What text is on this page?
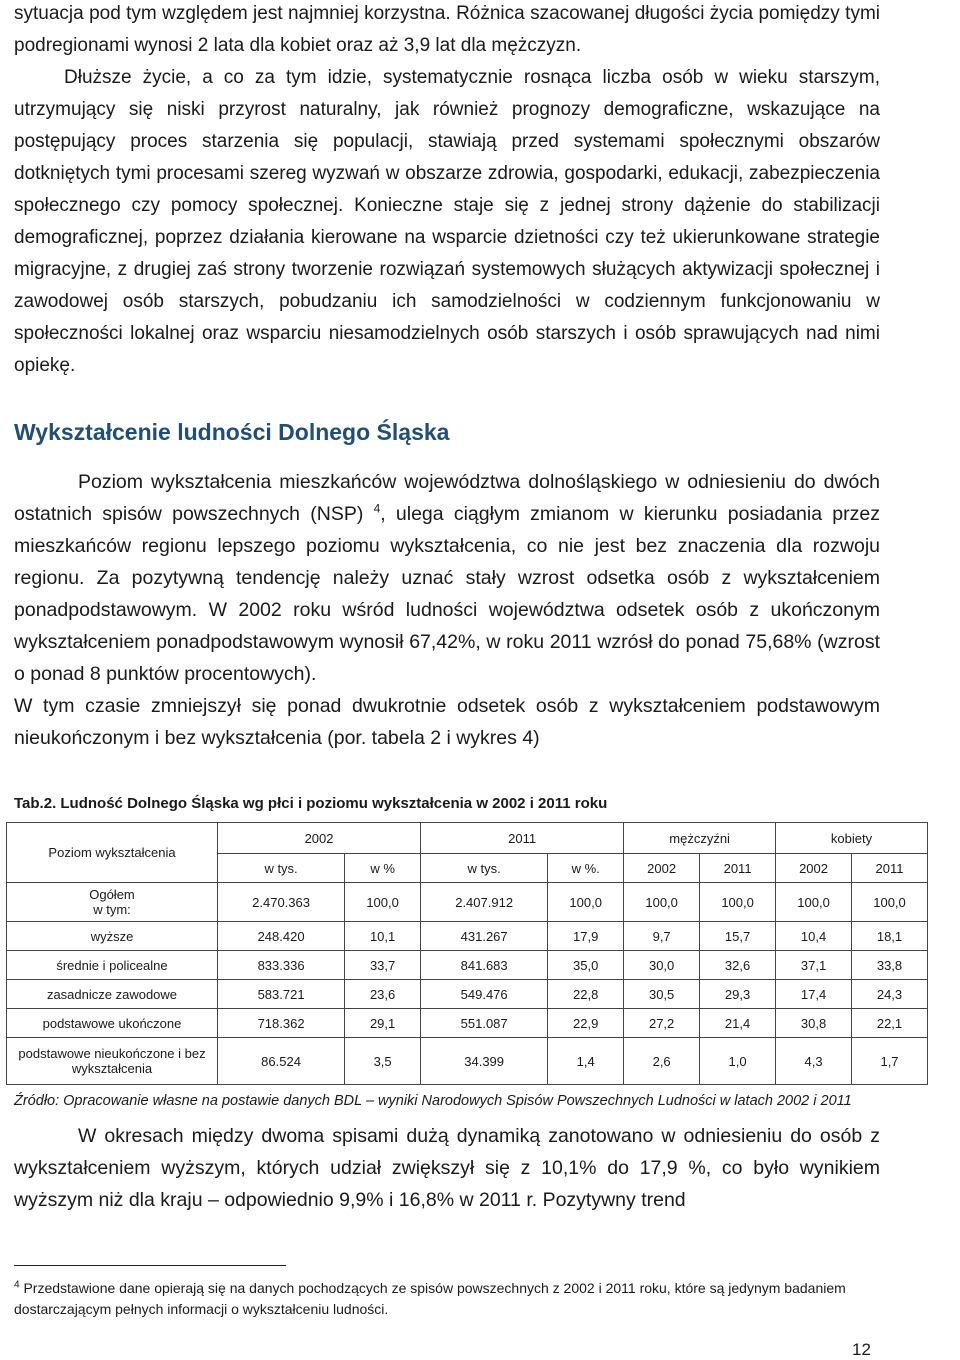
sytuacja pod tym względem jest najmniej korzystna. Różnica szacowanej długości życia pomiędzy tymi podregionami wynosi 2 lata dla kobiet oraz aż 3,9 lat dla mężczyzn.

Dłuższe życie, a co za tym idzie, systematycznie rosnąca liczba osób w wieku starszym, utrzymujący się niski przyrost naturalny, jak również prognozy demograficzne, wskazujące na postępujący proces starzenia się populacji, stawiają przed systemami społecznymi obszarów dotkniętych tymi procesami szereg wyzwań w obszarze zdrowia, gospodarki, edukacji, zabezpieczenia społecznego czy pomocy społecznej. Konieczne staje się z jednej strony dążenie do stabilizacji demograficznej, poprzez działania kierowane na wsparcie dzietności czy też ukierunkowane strategie migracyjne, z drugiej zaś strony tworzenie rozwiązań systemowych służących aktywizacji społecznej i zawodowej osób starszych, pobudzaniu ich samodzielności w codziennym funkcjonowaniu w społeczności lokalnej oraz wsparciu niesamodzielnych osób starszych i osób sprawujących nad nimi opiekę.

Wykształcenie ludności Dolnego Śląska

Poziom wykształcenia mieszkańców województwa dolnośląskiego w odniesieniu do dwóch ostatnich spisów powszechnych (NSP) $^4$, ulega ciągłym zmianom w kierunku posiadania przez mieszkańców regionu lepszego poziomu wykształcenia, co nie jest bez znaczenia dla rozwoju regionu. Za pozytywną tendencję należy uznać stały wzrost odsetka osób z wykształceniem ponadpodstawowym. W 2002 roku wśród ludności województwa odsetek osób z ukończonym wykształceniem ponadpodstawowym wynosił 67,42%, w roku 2011 wzrósł do ponad 75,68% (wzrost o ponad 8 punktów procentowych).

W tym czasie zmniejszył się ponad dwukrotnie odsetek osób z wykształceniem podstawowym nieukończonym i bez wykształcenia (por. tabela 2 i wykres 4)

Tab.2. Ludność Dolnego Śląska wg płci i poziomu wykształcenia w 2002 i 2011 roku
Poziom wykształcenia	2002		2011		mężczyźni		kobiety	
	w tys.	w %	w tys.	w %.	2002	2011	2002	2011

Ogółem
w tym:	2.470.363	100,0	2.407.912	100,0	100,0	100,0	100,0	100,0
wyższe	248.420	10,1	431.267	17,9	9,7	15,7	10,4	18,1
średnie i policealne	833.336	33,7	841.683	35,0	30,0	32,6	37,1	33,8
zasadnicze zawodowe	583.721	23,6	549.476	22,8	30,5	29,3	17,4	24,3
podstawowe ukończone	718.362	29,1	551.087	22,9	27,2	21,4	30,8	22,1
podstawowe nieukończone i bez wykształcenia	86.524	3,5	34.399	1,4	2,6	1,0	4,3	1,7

Źródło: Opracowanie własne na postawie danych BDL – wyniki Narodowych Spisów Powszechnych Ludności w latach 2002 i 2011

W okresach między dwoma spisami dużą dynamiką zanotowano w odniesieniu do osób z wykształceniem wyższym, których udział zwiększył się z 10,1% do 17,9 %, co było wynikiem wyższym niż dla kraju – odpowiednio 9,9% i 16,8% w 2011 r. Pozytywny trend

$^4$ Przedstawione dane opierają się na danych pochodzących ze spisów powszechnych z 2002 i 2011 roku, które są jedynym badaniem dostarczającym pełnych informacji o wykształceniu ludności.
12
